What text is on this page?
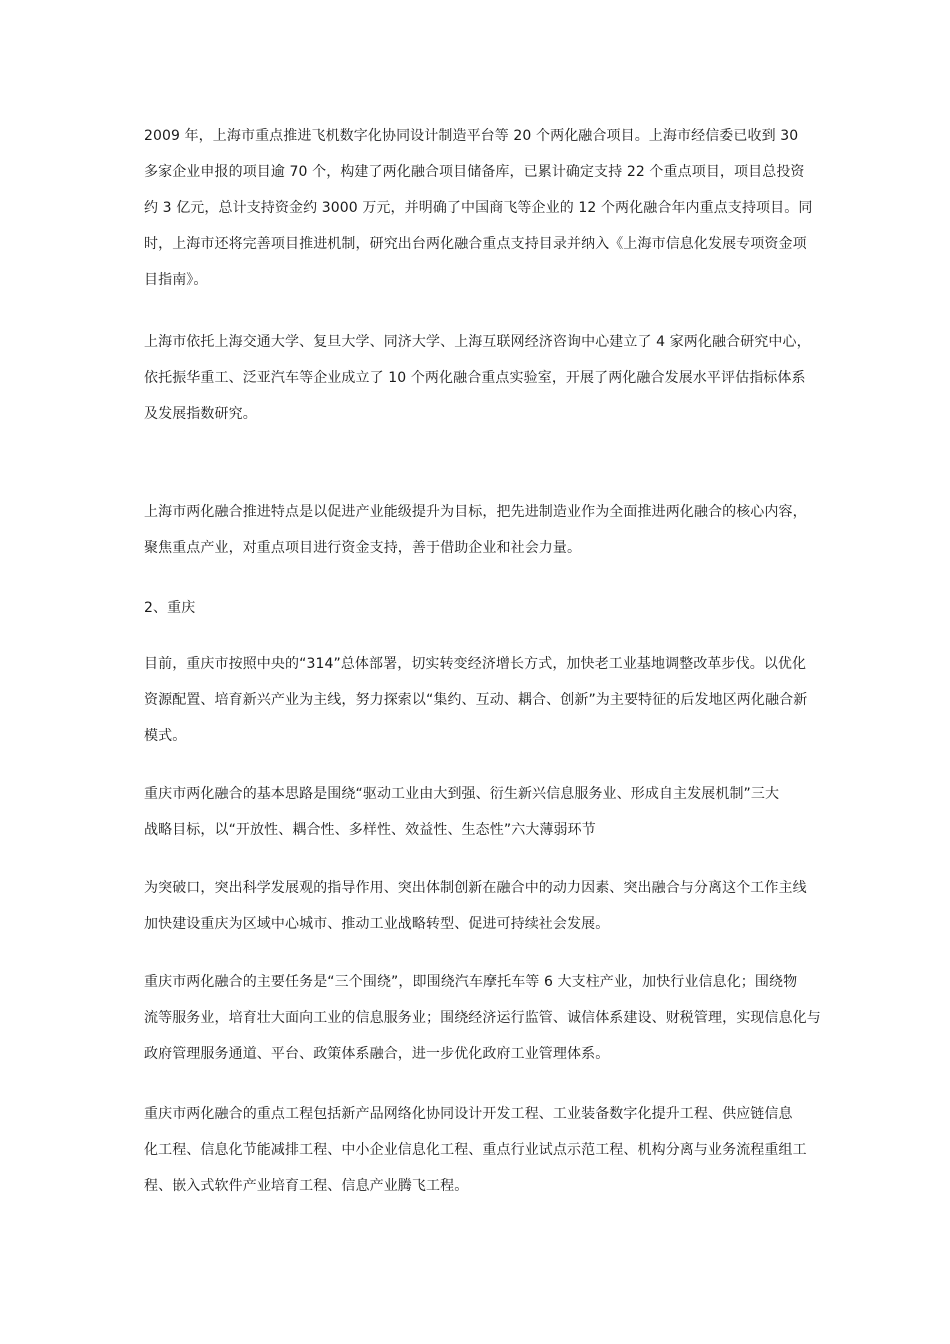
2009 年，上海市重点推进飞机数字化协同设计制造平台等 20 个两化融合项目。上海市经信委已收到 30
多家企业申报的项目逾 70 个，构建了两化融合项目储备库，已累计确定支持 22 个重点项目，项目总投资
约 3 亿元，总计支持资金约 3000 万元，并明确了中国商飞等企业的 12 个两化融合年内重点支持项目。同
时，上海市还将完善项目推进机制，研究出台两化融合重点支持目录并纳入《上海市信息化发展专项资金项
目指南》。

上海市依托上海交通大学、复旦大学、同济大学、上海互联网经济咨询中心建立了 4 家两化融合研究中心，
依托振华重工、泛亚汽车等企业成立了 10 个两化融合重点实验室，开展了两化融合发展水平评估指标体系
及发展指数研究。

上海市两化融合推进特点是以促进产业能级提升为目标，把先进制造业作为全面推进两化融合的核心内容，
聚焦重点产业，对重点项目进行资金支持，善于借助企业和社会力量。

2、重庆

目前，重庆市按照中央的“314”总体部署，切实转变经济增长方式，加快老工业基地调整改革步伐。以优化
资源配置、培育新兴产业为主线，努力探索以“集约、互动、耦合、创新”为主要特征的后发地区两化融合新
模式。

重庆市两化融合的基本思路是围绕“驱动工业由大到强、衍生新兴信息服务业、形成自主发展机制”三大
战略目标，以“开放性、耦合性、多样性、效益性、生态性”六大薄弱环节

为突破口，突出科学发展观的指导作用、突出体制创新在融合中的动力因素、突出融合与分离这个工作主线
加快建设重庆为区域中心城市、推动工业战略转型、促进可持续社会发展。

重庆市两化融合的主要任务是“三个围绕”，即围绕汽车摩托车等 6 大支柱产业，加快行业信息化；围绕物
流等服务业，培育壮大面向工业的信息服务业；围绕经济运行监管、诚信体系建设、财税管理，实现信息化与
政府管理服务通道、平台、政策体系融合，进一步优化政府工业管理体系。

重庆市两化融合的重点工程包括新产品网络化协同设计开发工程、工业装备数字化提升工程、供应链信息
化工程、信息化节能减排工程、中小企业信息化工程、重点行业试点示范工程、机构分离与业务流程重组工
程、嵌入式软件产业培育工程、信息产业腾飞工程。
